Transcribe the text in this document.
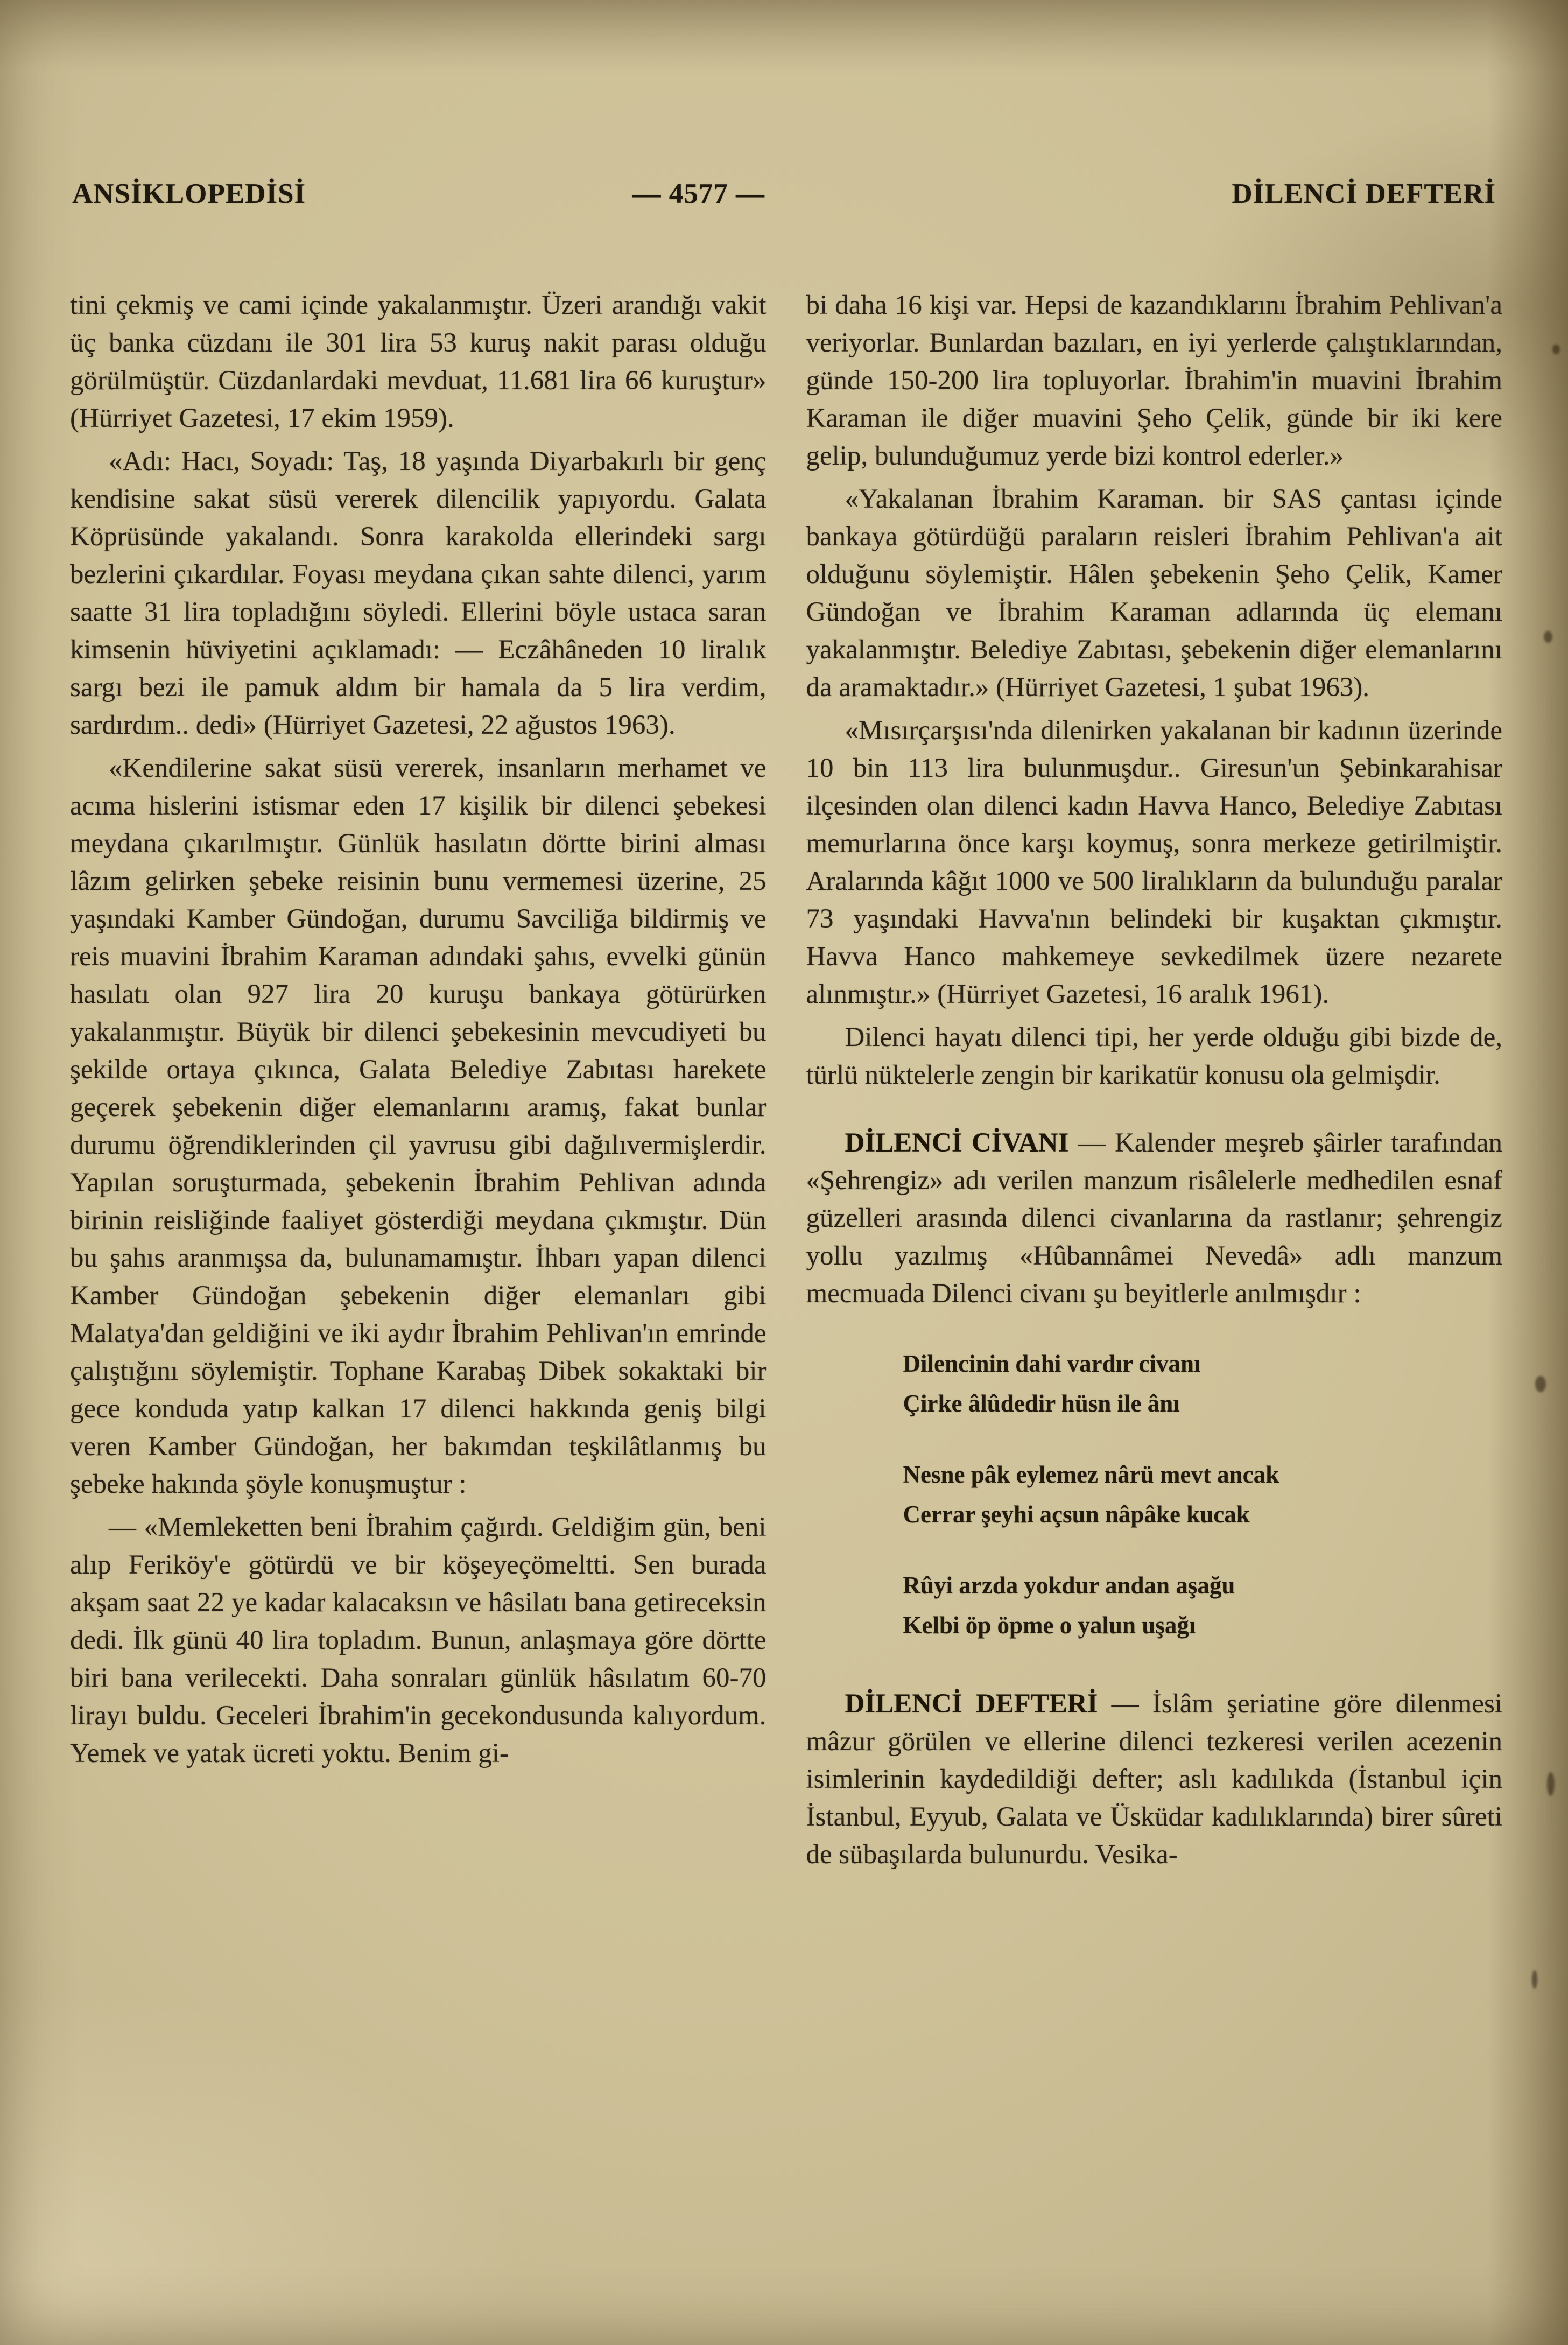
ANSİKLOPEDİSİ	— 4577 —	DİLENCİ DEFTERİ

tini çekmiş ve cami içinde yakalanmıştır. Üzeri arandığı vakit üç banka cüzdanı ile 301 lira 53 kuruş nakit parası olduğu görülmüştür. Cüzdanlardaki mevduat, 11.681 lira 66 kuruştur» (Hürriyet Gazetesi, 17 ekim 1959).

«Adı: Hacı, Soyadı: Taş, 18 yaşında Diyarbakırlı bir genç kendisine sakat süsü vererek dilencilik yapıyordu. Galata Köprüsünde yakalandı. Sonra karakolda ellerindeki sargı bezlerini çıkardılar. Foyası meydana çıkan sahte dilenci, yarım saatte 31 lira topladığını söyledi. Ellerini böyle ustaca saran kimsenin hüviyetini açıklamadı: — Eczâhâneden 10 liralık sargı bezi ile pamuk aldım bir hamala da 5 lira verdim, sardırdım.. dedi» (Hürriyet Gazetesi, 22 ağustos 1963).

«Kendilerine sakat süsü vererek, insanların merhamet ve acıma hislerini istismar eden 17 kişilik bir dilenci şebekesi meydana çıkarılmıştır. Günlük hasılatın dörtte birini alması lâzım gelirken şebeke reisinin bunu vermemesi üzerine, 25 yaşındaki Kamber Gündoğan, durumu Savciliğa bildirmiş ve reis muavini İbrahim Karaman adındaki şahıs, evvelki günün hasılatı olan 927 lira 20 kuruşu bankaya götürürken yakalanmıştır. Büyük bir dilenci şebekesinin mevcudiyeti bu şekilde ortaya çıkınca, Galata Belediye Zabıtası harekete geçerek şebekenin diğer elemanlarını aramış, fakat bunlar durumu öğrendiklerinden çil yavrusu gibi dağılıvermişlerdir. Yapılan soruşturmada, şebekenin İbrahim Pehlivan adında birinin reisliğinde faaliyet gösterdiği meydana çıkmıştır. Dün bu şahıs aranmışsa da, bulunamamıştır. İhbarı yapan dilenci Kamber Gündoğan şebekenin diğer elemanları gibi Malatya'dan geldiğini ve iki aydır İbrahim Pehlivan'ın emrinde çalıştığını söylemiştir. Tophane Karabaş Dibek sokaktaki bir gece konduda yatıp kalkan 17 dilenci hakkında geniş bilgi veren Kamber Gündoğan, her bakımdan teşkilâtlanmış bu şebeke hakında şöyle konuşmuştur :

— «Memleketten beni İbrahim çağırdı. Geldiğim gün, beni alıp Feriköy'e götürdü ve bir köşeyeçömeltti. Sen burada akşam saat 22 ye kadar kalacaksın ve hâsilatı bana getireceksin dedi. İlk günü 40 lira topladım. Bunun, anlaşmaya göre dörtte biri bana verilecekti. Daha sonraları günlük hâsılatım 60-70 lirayı buldu. Geceleri İbrahim'in gecekondusunda kalıyordum. Yemek ve yatak ücreti yoktu. Benim gi-

bi daha 16 kişi var. Hepsi de kazandıklarını İbrahim Pehlivan'a veriyorlar. Bunlardan bazıları, en iyi yerlerde çalıştıklarından, günde 150-200 lira topluyorlar. İbrahim'in muavini İbrahim Karaman ile diğer muavini Şeho Çelik, günde bir iki kere gelip, bulunduğumuz yerde bizi kontrol ederler.»

«Yakalanan İbrahim Karaman. bir SAS çantası içinde bankaya götürdüğü paraların reisleri İbrahim Pehlivan'a ait olduğunu söylemiştir. Hâlen şebekenin Şeho Çelik, Kamer Gündoğan ve İbrahim Karaman adlarında üç elemanı yakalanmıştır. Belediye Zabıtası, şebekenin diğer elemanlarını da aramaktadır.» (Hürriyet Gazetesi, 1 şubat 1963).

«Mısırçarşısı'nda dilenirken yakalanan bir kadının üzerinde 10 bin 113 lira bulunmuşdur.. Giresun'un Şebinkarahisar ilçesinden olan dilenci kadın Havva Hanco, Belediye Zabıtası memurlarına önce karşı koymuş, sonra merkeze getirilmiştir. Aralarında kâğıt 1000 ve 500 liralıkların da bulunduğu paralar 73 yaşındaki Havva'nın belindeki bir kuşaktan çıkmıştır. Havva Hanco mahkemeye sevkedilmek üzere nezarete alınmıştır.» (Hürriyet Gazetesi, 16 aralık 1961).

Dilenci hayatı dilenci tipi, her yerde olduğu gibi bizde de, türlü nüktelerle zengin bir karikatür konusu ola gelmişdir.

DİLENCİ CİVANI — Kalender meşreb şâirler tarafından «Şehrengiz» adı verilen manzum risâlelerle medhedilen esnaf güzelleri arasında dilenci civanlarına da rastlanır; şehrengiz yollu yazılmış «Hûbannâmei Nevedâ» adlı manzum mecmuada Dilenci civanı şu beyitlerle anılmışdır :

Dilencinin dahi vardır civanı
Çirke âlûdedir hüsn ile ânı
Nesne pâk eylemez nârü mevt ancak
Cerrar şeyhi açsun nâpâke kucak
Rûyi arzda yokdur andan aşağu
Kelbi öp öpme o yalun uşağı

DİLENCİ DEFTERİ — İslâm şeriatine göre dilenmesi mâzur görülen ve ellerine dilenci tezkeresi verilen acezenin isimlerinin kaydedildiği defter; aslı kadılıkda (İstanbul için İstanbul, Eyyub, Galata ve Üsküdar kadılıklarında) birer sûreti de sübaşılarda bulunurdu. Vesika-
